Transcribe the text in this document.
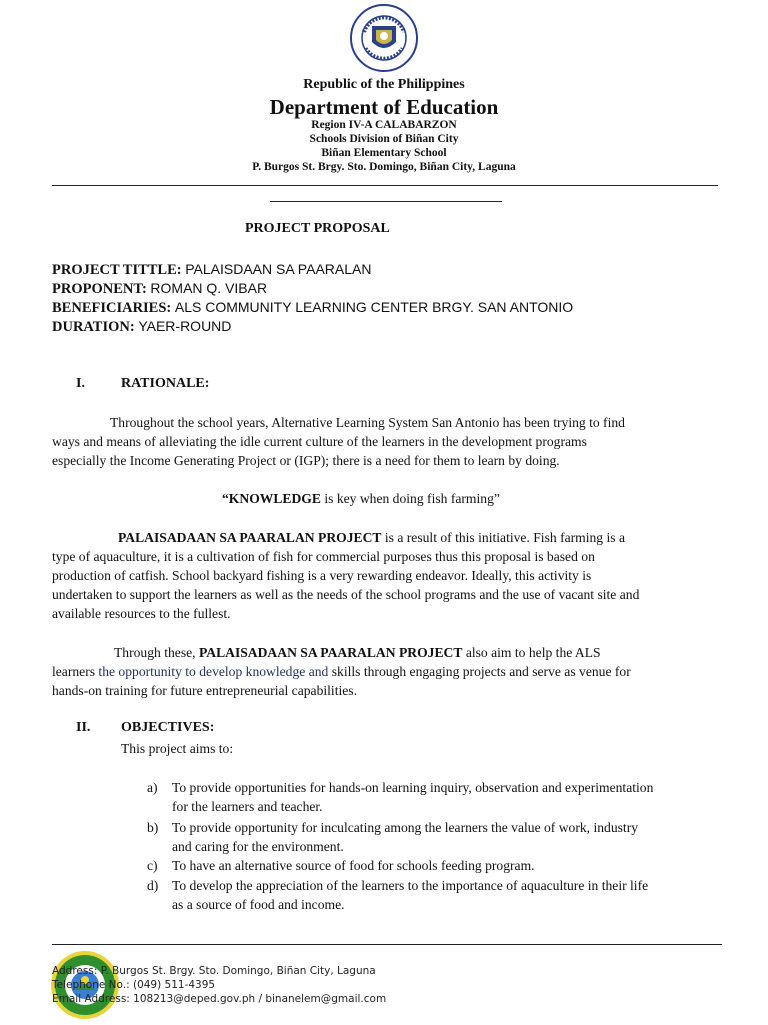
Republic of the Philippines
Department of Education
Region IV-A CALABARZON
Schools Division of Biñan City
Biñan Elementary School
P. Burgos St. Brgy. Sto. Domingo, Biñan City, Laguna
PROJECT PROPOSAL
PROJECT TITTLE: PALAISDAAN SA PAARALAN
PROPONENT: ROMAN Q. VIBAR
BENEFICIARIES: ALS COMMUNITY LEARNING CENTER BRGY. SAN ANTONIO
DURATION: YAER-ROUND
I.	RATIONALE:
Throughout the school years, Alternative Learning System San Antonio has been trying to find
ways and means of alleviating the idle current culture of the learners in the development programs
especially the Income Generating Project or (IGP); there is a need for them to learn by doing.
“KNOWLEDGE is key when doing fish farming”
PALAISADAAN SA PAARALAN PROJECT is a result of this initiative. Fish farming is a
type of aquaculture, it is a cultivation of fish for commercial purposes thus this proposal is based on
production of catfish. School backyard fishing is a very rewarding endeavor. Ideally, this activity is
undertaken to support the learners as well as the needs of the school programs and the use of vacant site and
available resources to the fullest.
Through these, PALAISADAAN SA PAARALAN PROJECT also aim to help the ALS
learners the opportunity to develop knowledge and skills through engaging projects and serve as venue for
hands-on training for future entrepreneurial capabilities.
II. OBJECTIVES:
This project aims to:
a) To provide opportunities for hands-on learning inquiry, observation and experimentation
for the learners and teacher.
b) To provide opportunity for inculcating among the learners the value of work, industry
and caring for the environment.
c) To have an alternative source of food for schools feeding program.
d) To develop the appreciation of the learners to the importance of aquaculture in their life
as a source of food and income.
Address: P. Burgos St. Brgy. Sto. Domingo, Biñan City, Laguna
Telephone No.: (049) 511-4395
Email Address: 108213@deped.gov.ph / binanelem@gmail.com
